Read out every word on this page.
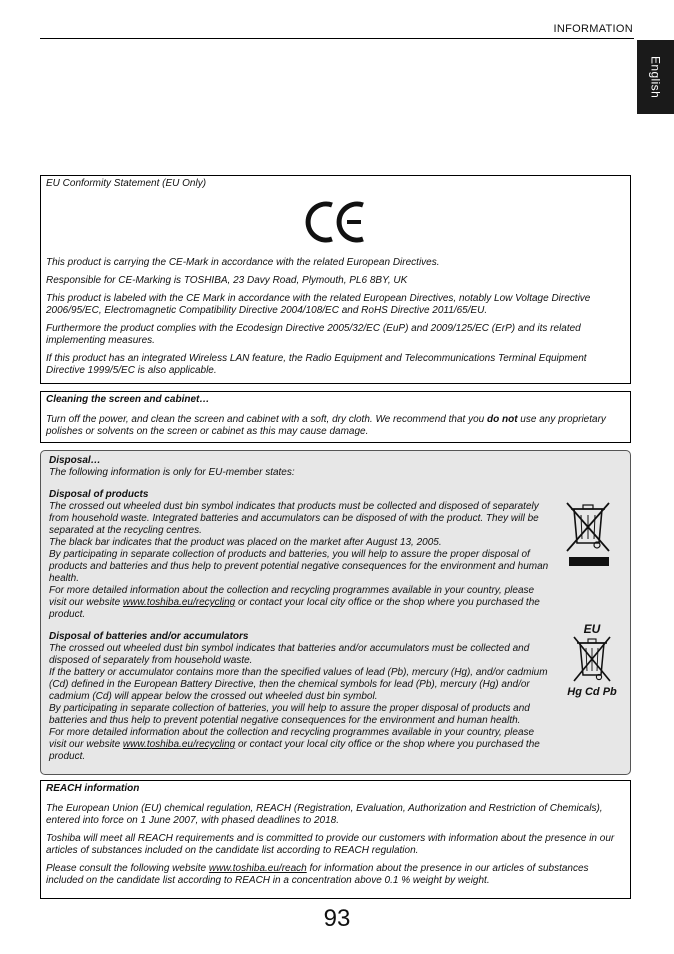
INFORMATION
English

EU Conformity Statement (EU Only)

This product is carrying the CE-Mark in accordance with the related European Directives.

Responsible for CE-Marking is TOSHIBA, 23 Davy Road, Plymouth, PL6 8BY, UK

This product is labeled with the CE Mark in accordance with the related European Directives, notably Low Voltage Directive 2006/95/EC, Electromagnetic Compatibility Directive 2004/108/EC and RoHS Directive 2011/65/EU.

Furthermore the product complies with the Ecodesign Directive 2005/32/EC (EuP) and 2009/125/EC (ErP) and its related implementing measures.

If this product has an integrated Wireless LAN feature, the Radio Equipment and Telecommunications Terminal Equipment Directive 1999/5/EC is also applicable.

Cleaning the screen and cabinet…
Turn off the power, and clean the screen and cabinet with a soft, dry cloth. We recommend that you do not use any proprietary polishes or solvents on the screen or cabinet as this may cause damage.
Disposal…
The following information is only for EU-member states:
Disposal of products
The crossed out wheeled dust bin symbol indicates that products must be collected and disposed of separately from household waste. Integrated batteries and accumulators can be disposed of with the product. They will be separated at the recycling centres.
The black bar indicates that the product was placed on the market after August 13, 2005.
By participating in separate collection of products and batteries, you will help to assure the proper disposal of products and batteries and thus help to prevent potential negative consequences for the environment and human health.
For more detailed information about the collection and recycling programmes available in your country, please visit our website www.toshiba.eu/recycling or contact your local city office or the shop where you purchased the product.
Disposal of batteries and/or accumulators
The crossed out wheeled dust bin symbol indicates that batteries and/or accumulators must be collected and disposed of separately from household waste.
If the battery or accumulator contains more than the specified values of lead (Pb), mercury (Hg), and/or cadmium (Cd) defined in the European Battery Directive, then the chemical symbols for lead (Pb), mercury (Hg) and/or cadmium (Cd) will appear below the crossed out wheeled dust bin symbol.
By participating in separate collection of batteries, you will help to assure the proper disposal of products and batteries and thus help to prevent potential negative consequences for the environment and human health.
For more detailed information about the collection and recycling programmes available in your country, please visit our website www.toshiba.eu/recycling or contact your local city office or the shop where you purchased the product.
EU
Hg Cd Pb
REACH information

The European Union (EU) chemical regulation, REACH (Registration, Evaluation, Authorization and Restriction of Chemicals), entered into force on 1 June 2007, with phased deadlines to 2018.

Toshiba will meet all REACH requirements and is committed to provide our customers with information about the presence in our articles of substances included on the candidate list according to REACH regulation.

Please consult the following website www.toshiba.eu/reach for information about the presence in our articles of substances included on the candidate list according to REACH in a concentration above 0.1 % weight by weight.

93
